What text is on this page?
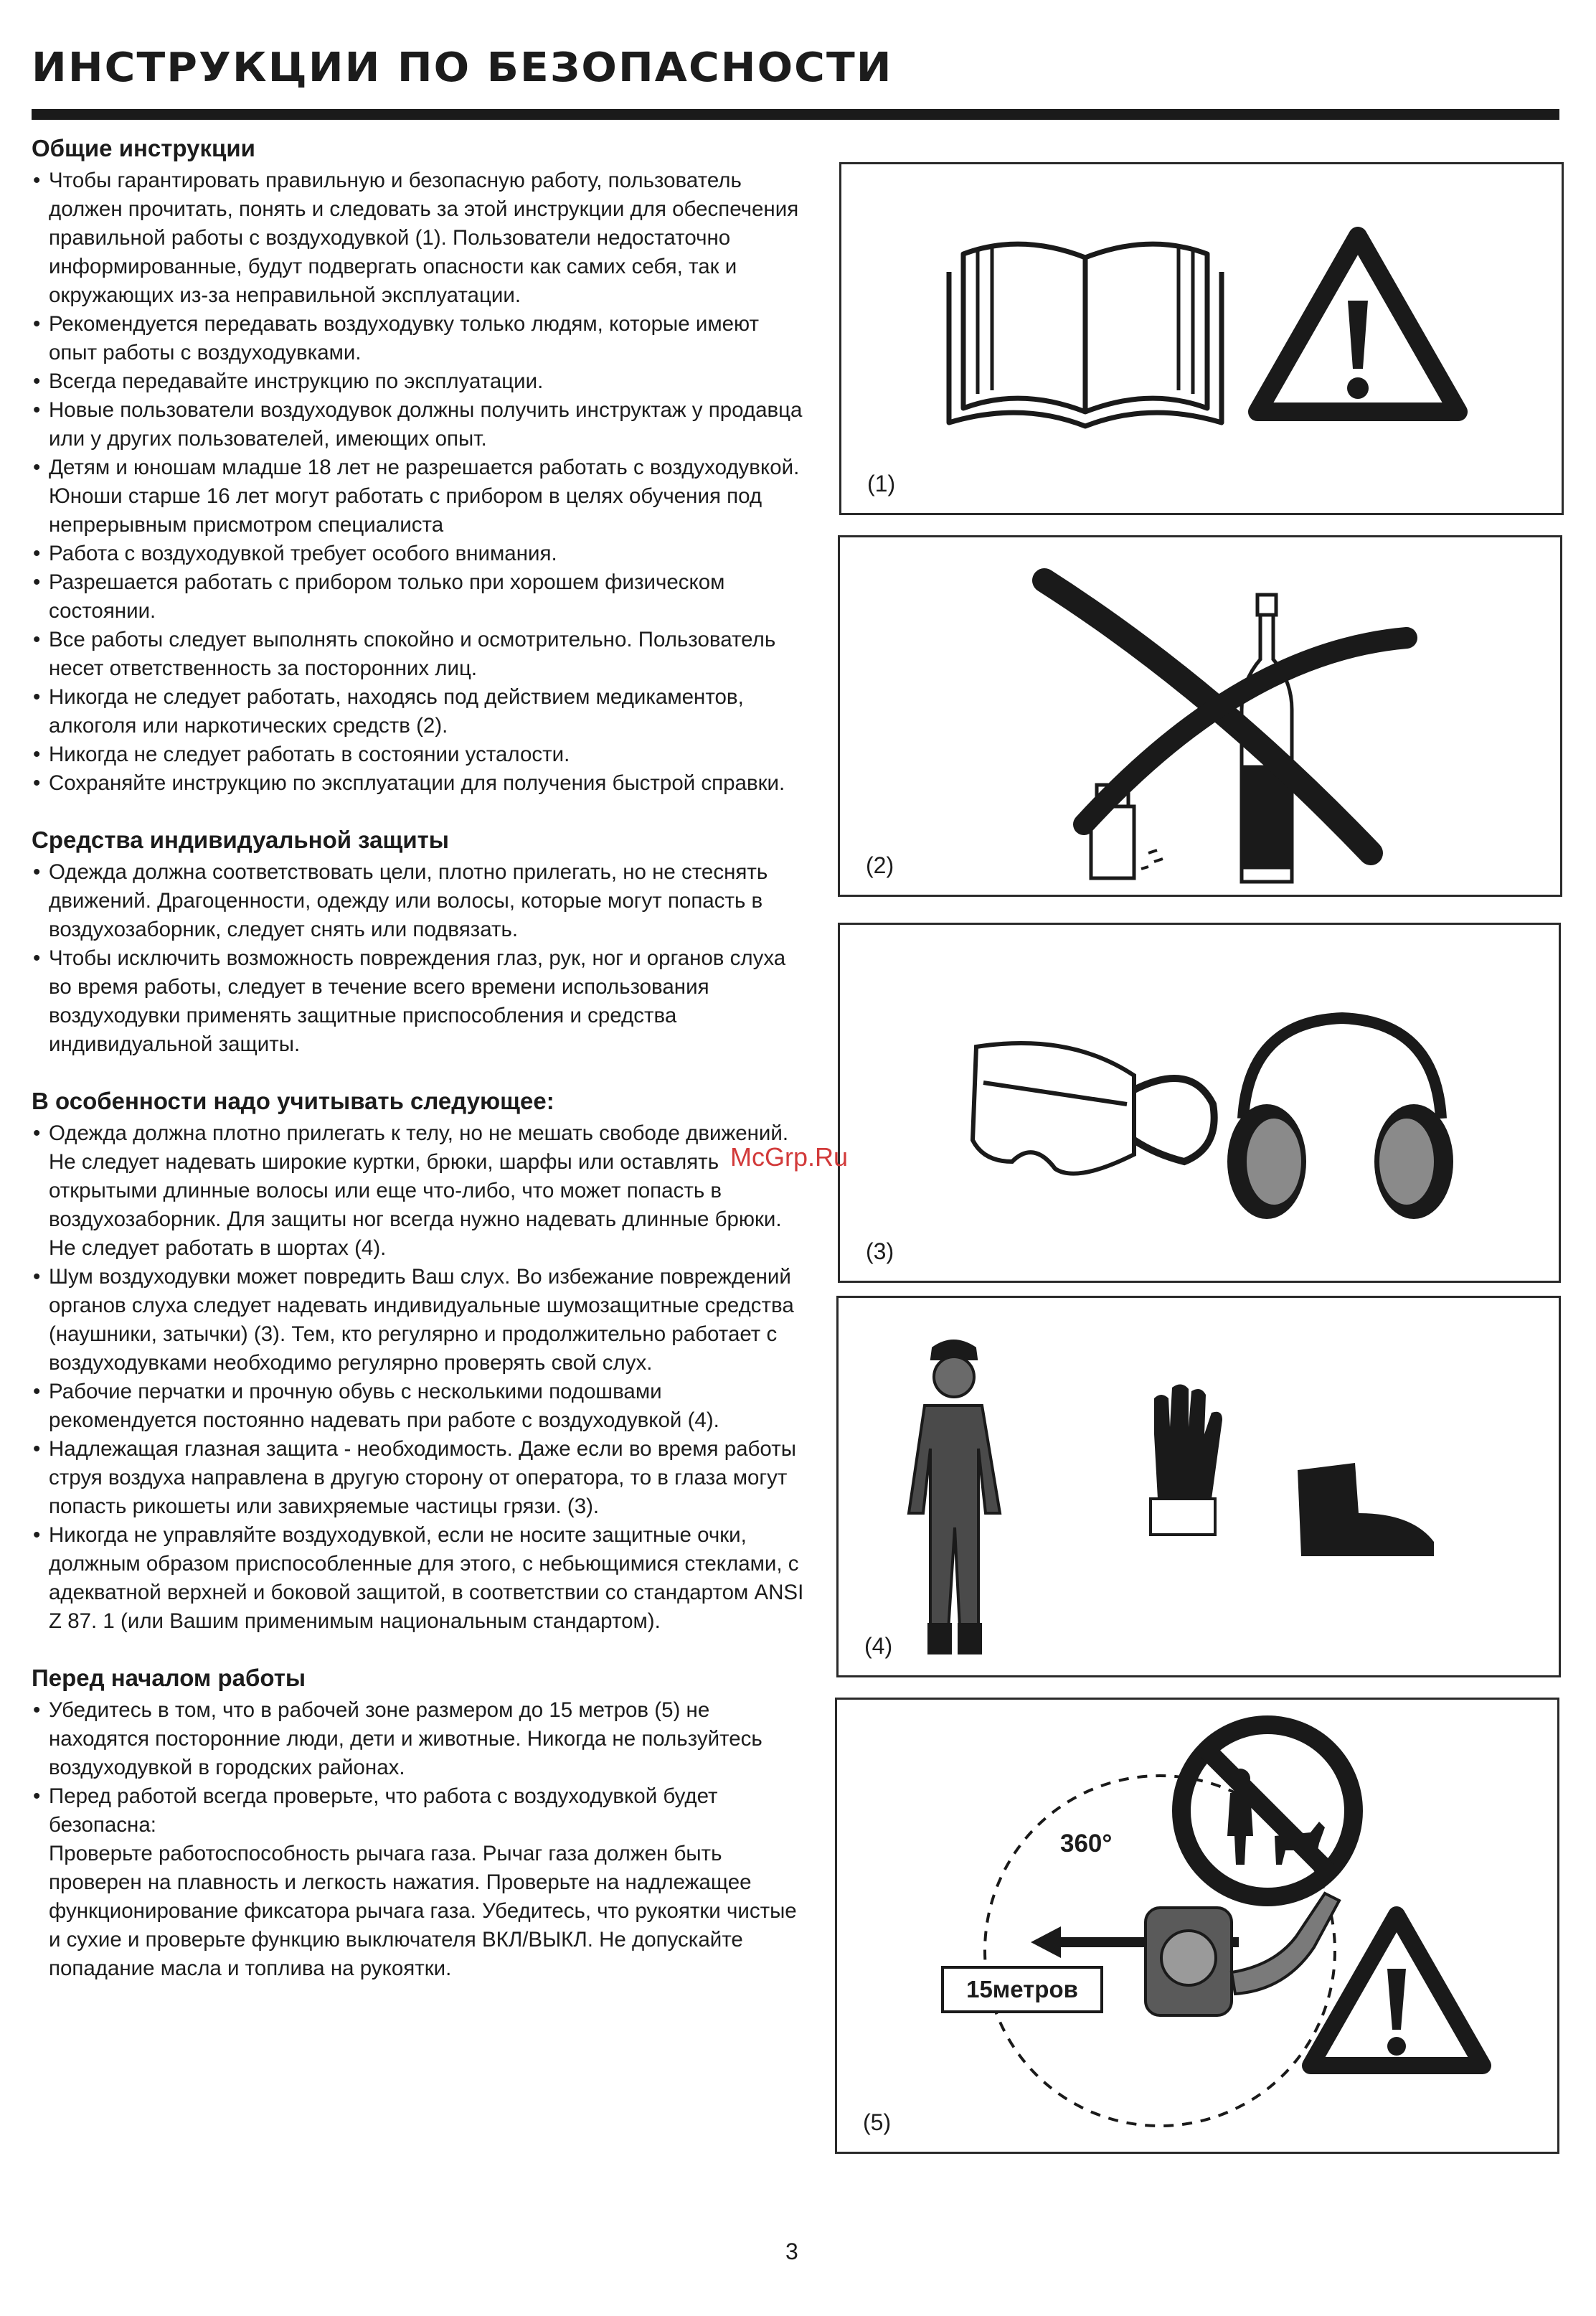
ИНСТРУКЦИИ ПО БЕЗОПАСНОСТИ
Общие инструкции
• Чтобы гарантировать правильную и безопасную работу, пользователь должен прочитать, понять и следовать за этой инструкции для обеспечения правильной работы с воздуходувкой (1). Пользователи недостаточно информированные, будут подвергать опасности как самих себя, так и окружающих из-за неправильной эксплуатации.
• Рекомендуется передавать воздуходувку только людям, которые имеют опыт работы с воздуходувками.
• Всегда передавайте инструкцию по эксплуатации.
• Новые пользователи воздуходувок должны получить инструктаж у продавца или у других пользователей, имеющих опыт.
• Детям и юношам младше 18 лет не разрешается работать с воздуходувкой. Юноши старше 16 лет могут работать с прибором в целях обучения под непрерывным присмотром специалиста
• Работа с воздуходувкой требует особого внимания.
• Разрешается работать с прибором только при хорошем физическом состоянии.
• Все работы следует выполнять спокойно и осмотрительно. Пользователь несет ответственность за посторонних лиц.
• Никогда не следует работать, находясь под действием медикаментов, алкоголя или наркотических средств (2).
• Никогда не следует работать в состоянии усталости.
• Сохраняйте инструкцию по эксплуатации для получения быстрой справки.
Средства индивидуальной защиты
• Одежда должна соответствовать цели, плотно прилегать, но не стеснять движений. Драгоценности, одежду или волосы, которые могут попасть в воздухозаборник, следует снять или подвязать.
• Чтобы исключить возможность повреждения глаз, рук, ног и органов слуха во время работы, следует в течение всего времени использования воздуходувки применять защитные приспособления и средства индивидуальной защиты.
В особенности надо учитывать следующее:
• Одежда должна плотно прилегать к телу, но не мешать свободе движений. Не следует надевать широкие куртки, брюки, шарфы или оставлять открытыми длинные волосы или еще что-либо, что может попасть в воздухозаборник. Для защиты ног всегда нужно надевать длинные брюки. Не следует работать в шортах (4).
• Шум воздуходувки может повредить Ваш слух. Во избежание повреждений органов слуха следует надевать индивидуальные шумозащитные средства (наушники, затычки) (3). Тем, кто регулярно и продолжительно работает с воздуходувками необходимо регулярно проверять свой слух.
• Рабочие перчатки и прочную обувь с несколькими подошвами рекомендуется постоянно надевать при работе с воздуходувкой (4).
• Надлежащая глазная защита - необходимость. Даже если во время работы струя воздуха направлена в другую сторону от оператора, то в глаза могут попасть рикошеты или завихряемые частицы грязи. (3).
• Никогда не управляйте воздуходувкой, если не носите защитные очки, должным образом приспособленные для этого, с небьющимися стеклами, с адекватной верхней и боковой защитой, в соответствии со стандартом ANSI Z 87. 1 (или Вашим применимым национальным стандартом).
Перед началом работы
• Убедитесь в том, что в рабочей зоне размером до 15 метров (5) не находятся посторонние люди, дети и животные. Никогда не пользуйтесь воздуходувкой в городских районах.
• Перед работой всегда проверьте, что работа с воздуходувкой будет безопасна:
Проверьте работоспособность рычага газа. Рычаг газа должен быть проверен на плавность и легкость нажатия. Проверьте на надлежащее функционирование фиксатора рычага газа. Убедитесь, что рукоятки чистые и сухие и проверьте функцию выключателя ВКЛ/ВЫКЛ. Не допускайте попадание масла и топлива на рукоятки.
(1)
(2)
(3)
(4)
(5)
360°
15метров
McGrp.Ru
3
